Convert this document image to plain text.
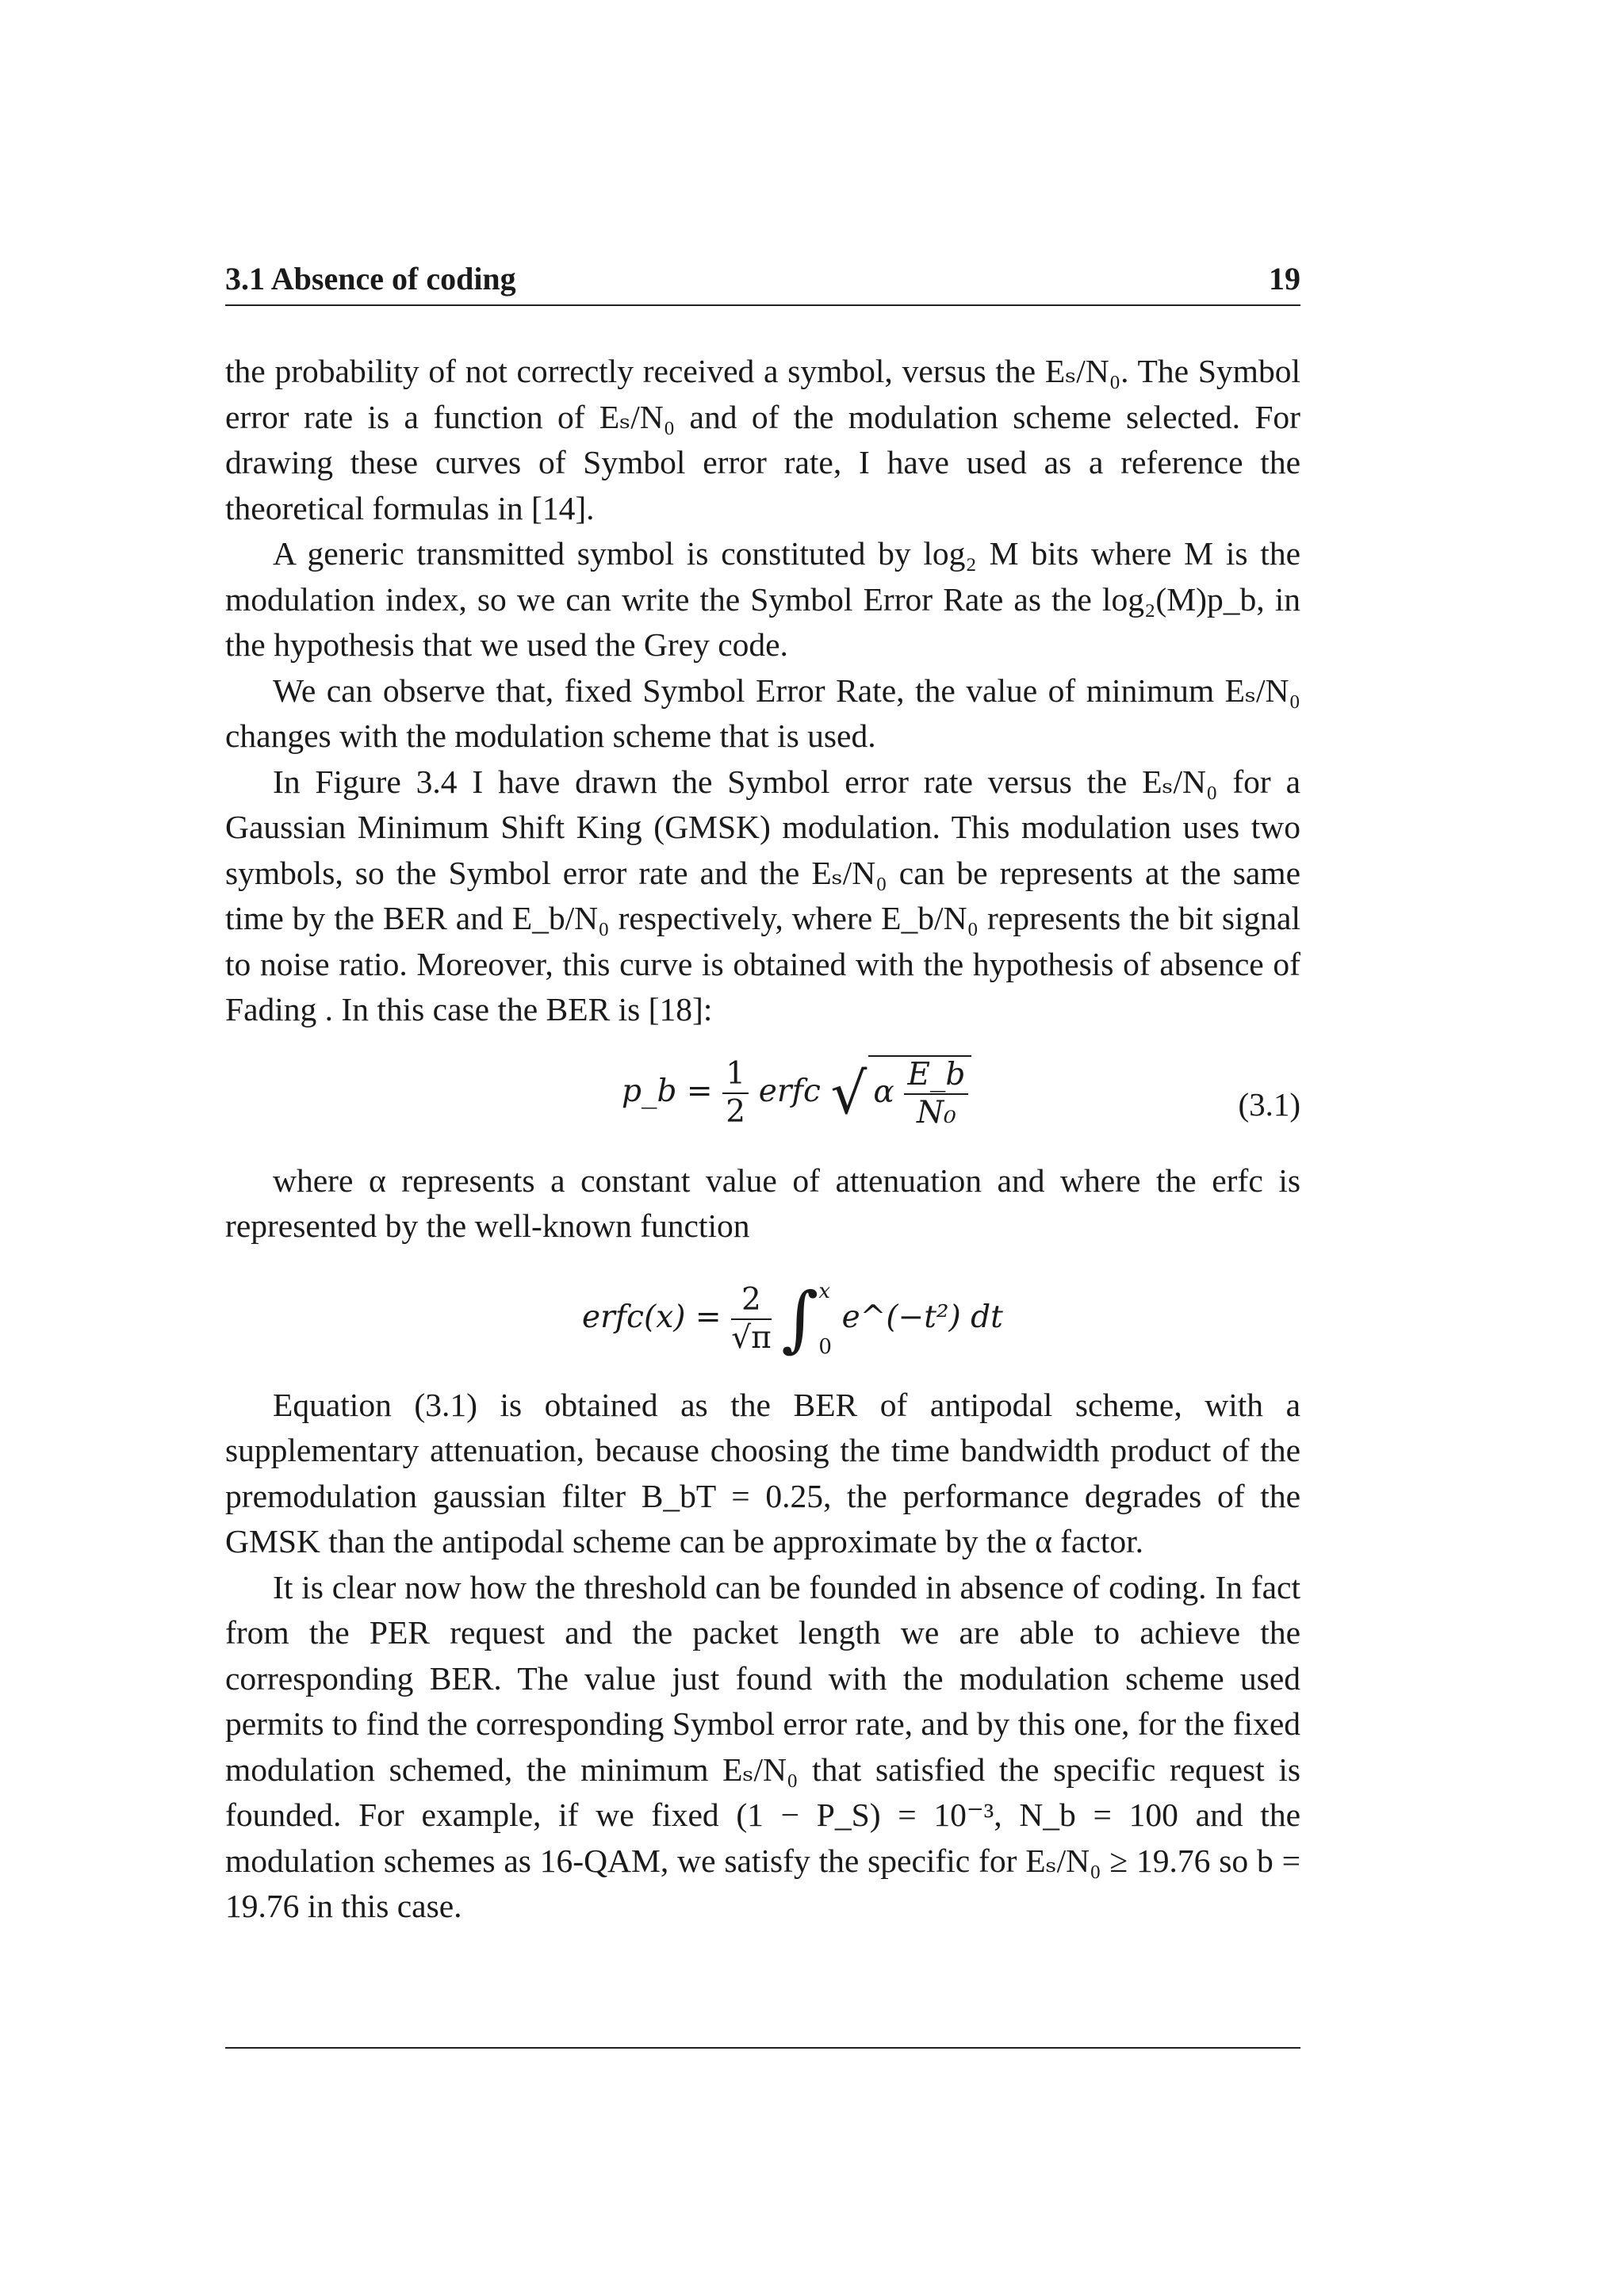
3.1 Absence of coding	19

the probability of not correctly received a symbol, versus the Eₛ/N₀. The Symbol error rate is a function of Eₛ/N₀ and of the modulation scheme selected. For drawing these curves of Symbol error rate, I have used as a reference the theoretical formulas in [14].

A generic transmitted symbol is constituted by log₂ M bits where M is the modulation index, so we can write the Symbol Error Rate as the log₂(M)p_b, in the hypothesis that we used the Grey code.

We can observe that, fixed Symbol Error Rate, the value of minimum Eₛ/N₀ changes with the modulation scheme that is used.

In Figure 3.4 I have drawn the Symbol error rate versus the Eₛ/N₀ for a Gaussian Minimum Shift King (GMSK) modulation. This modulation uses two symbols, so the Symbol error rate and the Eₛ/N₀ can be represents at the same time by the BER and E_b/N₀ respectively, where E_b/N₀ represents the bit signal to noise ratio. Moreover, this curve is obtained with the hypothesis of absence of Fading . In this case the BER is [18]:

p_b = $\frac{1}{2}$ erfc √ α $\frac{E\_b}{\text{N₀}}$	(3.1)

where α represents a constant value of attenuation and where the erfc is represented by the well-known function

erfc(x) = $\frac{2}{√\pi}$ ∫ x
0
e^(−t²) dt

Equation (3.1) is obtained as the BER of antipodal scheme, with a supplementary attenuation, because choosing the time bandwidth product of the premodulation gaussian filter B_bT = 0.25, the performance degrades of the GMSK than the antipodal scheme can be approximate by the α factor.

It is clear now how the threshold can be founded in absence of coding. In fact from the PER request and the packet length we are able to achieve the corresponding BER. The value just found with the modulation scheme used permits to find the corresponding Symbol error rate, and by this one, for the fixed modulation schemed, the minimum Eₛ/N₀ that satisfied the specific request is founded. For example, if we fixed (1 − P_S) = 10⁻³, N_b = 100 and the modulation schemes as 16-QAM, we satisfy the specific for Eₛ/N₀ ≥ 19.76 so b = 19.76 in this case.
